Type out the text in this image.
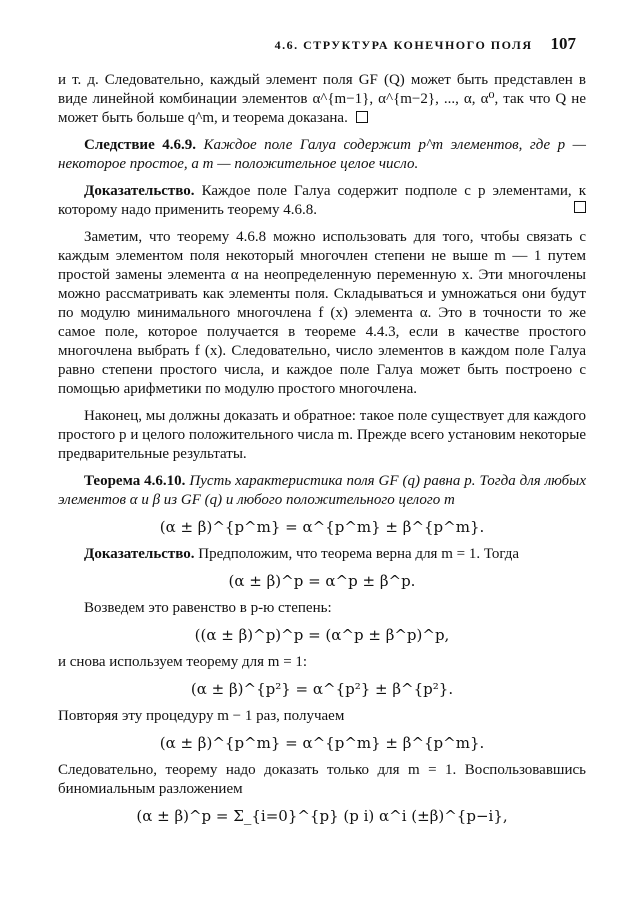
4.6. СТРУКТУРА КОНЕЧНОГО ПОЛЯ 107

и т. д. Следовательно, каждый элемент поля GF (Q) может быть представлен в виде линейной комбинации элементов α^{m−1}, α^{m−2}, ..., α, α⁰, так что Q не может быть больше q^m, и теорема доказана.

Следствие 4.6.9. Каждое поле Галуа содержит p^m элементов, где p — некоторое простое, а m — положительное целое число.

Доказательство. Каждое поле Галуа содержит подполе с p элементами, к которому надо применить теорему 4.6.8.

Заметим, что теорему 4.6.8 можно использовать для того, чтобы связать с каждым элементом поля некоторый многочлен степени не выше m — 1 путем простой замены элемента α на неопределенную переменную x. Эти многочлены можно рассматривать как элементы поля. Складываться и умножаться они будут по модулю минимального многочлена f (x) элемента α. Это в точности то же самое поле, которое получается в теореме 4.4.3, если в качестве простого многочлена выбрать f (x). Следовательно, число элементов в каждом поле Галуа равно степени простого числа, и каждое поле Галуа может быть построено с помощью арифметики по модулю простого многочлена.

Наконец, мы должны доказать и обратное: такое поле существует для каждого простого p и целого положительного числа m. Прежде всего установим некоторые предварительные результаты.

Теорема 4.6.10. Пусть характеристика поля GF (q) равна p. Тогда для любых элементов α и β из GF (q) и любого положительного целого m

(α ± β)^{p^m} = α^{p^m} ± β^{p^m}.

Доказательство. Предположим, что теорема верна для m = 1. Тогда

(α ± β)^p = α^p ± β^p.

Возведем это равенство в p-ю степень:

((α ± β)^p)^p = (α^p ± β^p)^p,

и снова используем теорему для m = 1:

(α ± β)^{p²} = α^{p²} ± β^{p²}.

Повторяя эту процедуру m − 1 раз, получаем

(α ± β)^{p^m} = α^{p^m} ± β^{p^m}.

Следовательно, теорему надо доказать только для m = 1. Воспользовавшись биномиальным разложением

(α ± β)^p = Σ_{i=0}^{p} (p i) α^i (±β)^{p−i},
